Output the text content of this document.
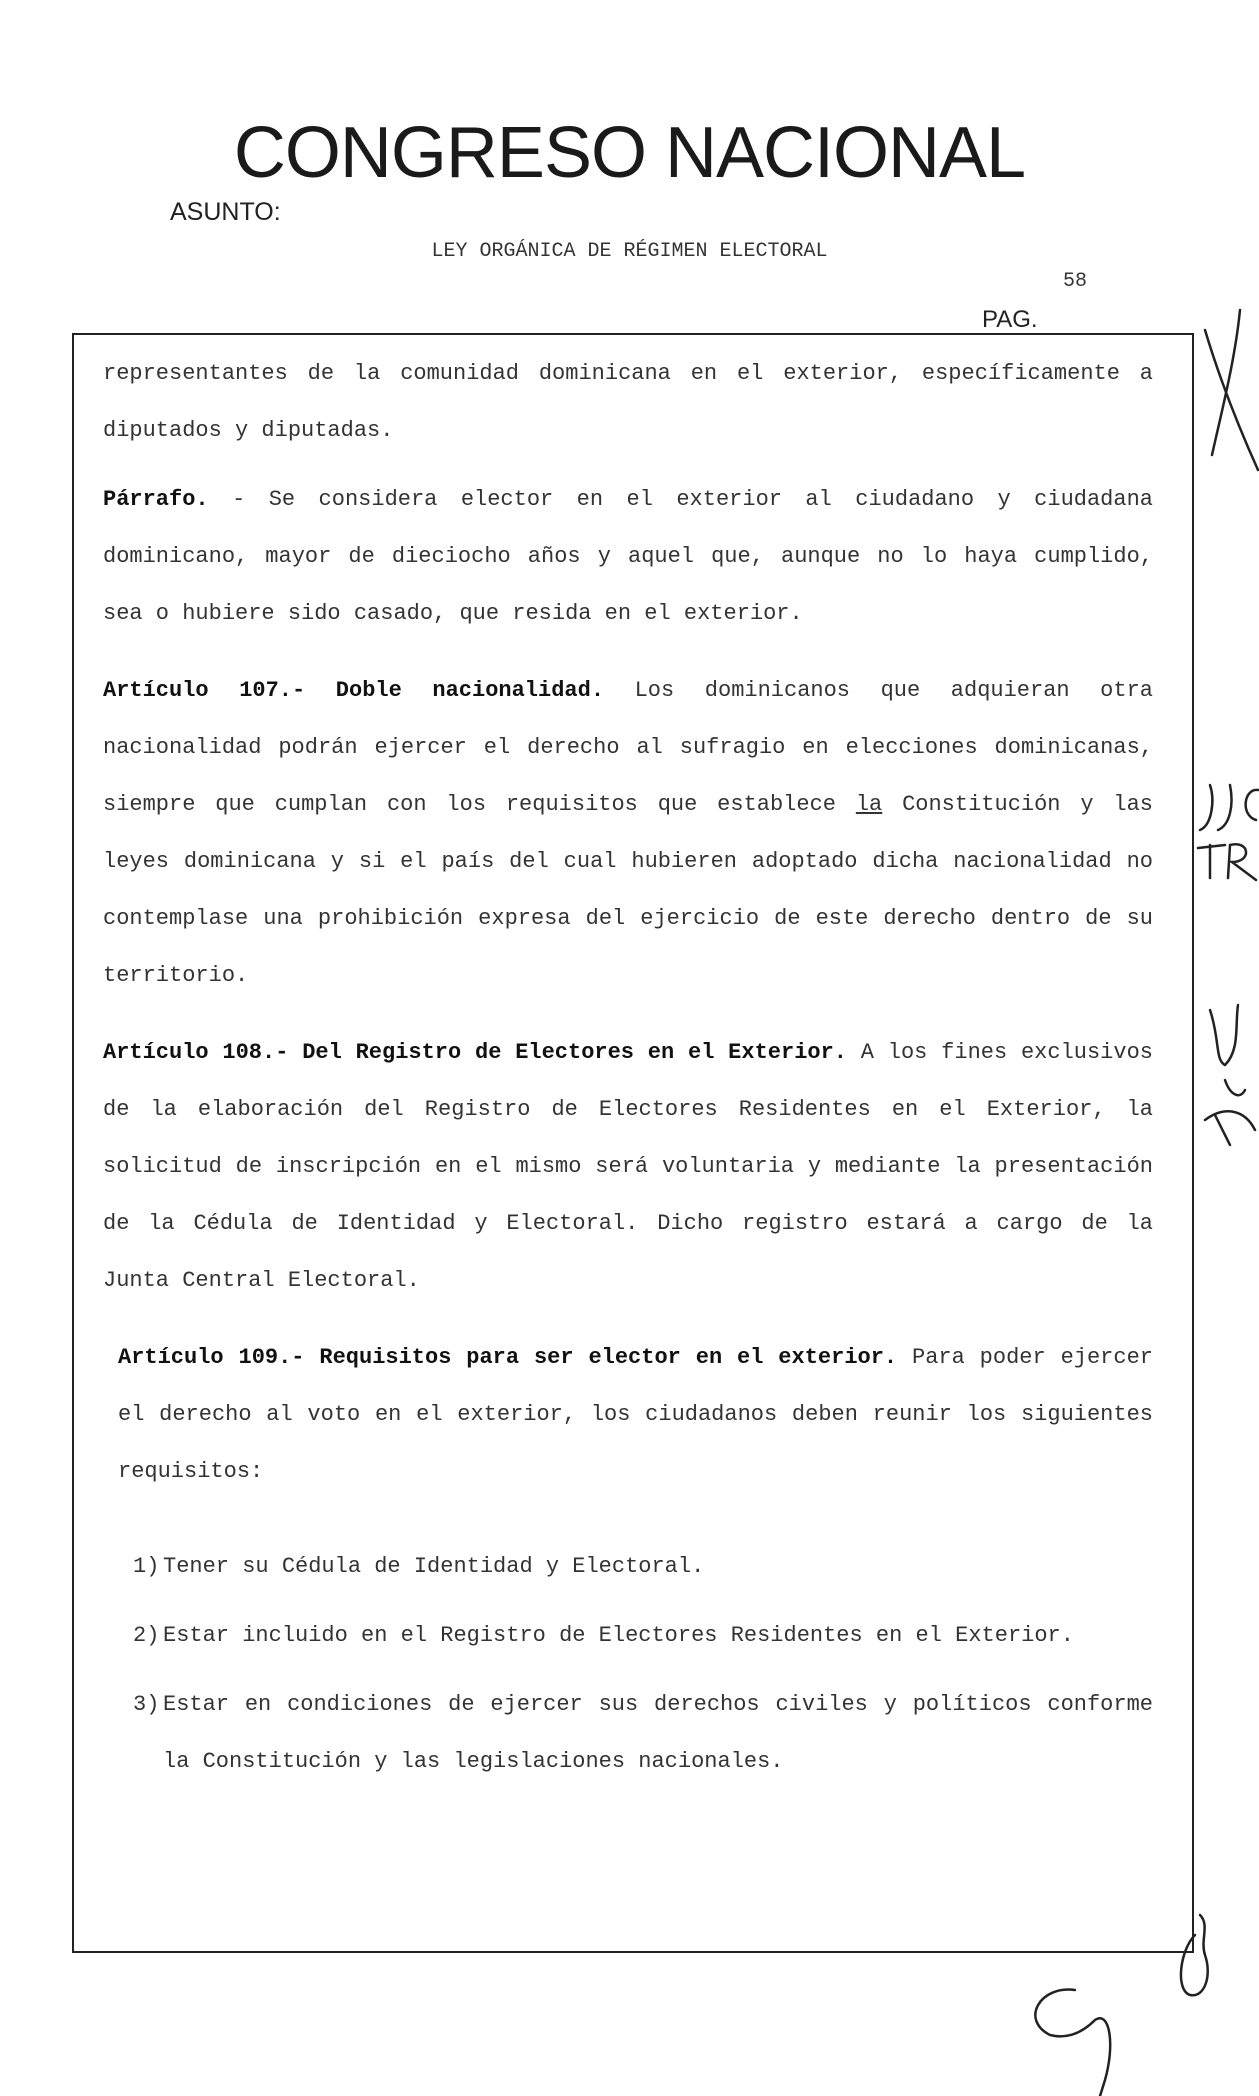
CONGRESO NACIONAL
ASUNTO:
LEY ORGÁNICA DE RÉGIMEN ELECTORAL
58
PAG.

representantes de la comunidad dominicana en el exterior, específicamente a diputados y diputadas.

Párrafo. - Se considera elector en el exterior al ciudadano y ciudadana dominicano, mayor de dieciocho años y aquel que, aunque no lo haya cumplido, sea o hubiere sido casado, que resida en el exterior.

Artículo 107.- Doble nacionalidad. Los dominicanos que adquieran otra nacionalidad podrán ejercer el derecho al sufragio en elecciones dominicanas, siempre que cumplan con los requisitos que establece la Constitución y las leyes dominicana y si el país del cual hubieren adoptado dicha nacionalidad no contemplase una prohibición expresa del ejercicio de este derecho dentro de su territorio.

Artículo 108.- Del Registro de Electores en el Exterior. A los fines exclusivos de la elaboración del Registro de Electores Residentes en el Exterior, la solicitud de inscripción en el mismo será voluntaria y mediante la presentación de la Cédula de Identidad y Electoral. Dicho registro estará a cargo de la Junta Central Electoral.

Artículo 109.- Requisitos para ser elector en el exterior. Para poder ejercer el derecho al voto en el exterior, los ciudadanos deben reunir los siguientes requisitos:

1) Tener su Cédula de Identidad y Electoral.
2) Estar incluido en el Registro de Electores Residentes en el Exterior.
3) Estar en condiciones de ejercer sus derechos civiles y políticos conforme la Constitución y las legislaciones nacionales.
